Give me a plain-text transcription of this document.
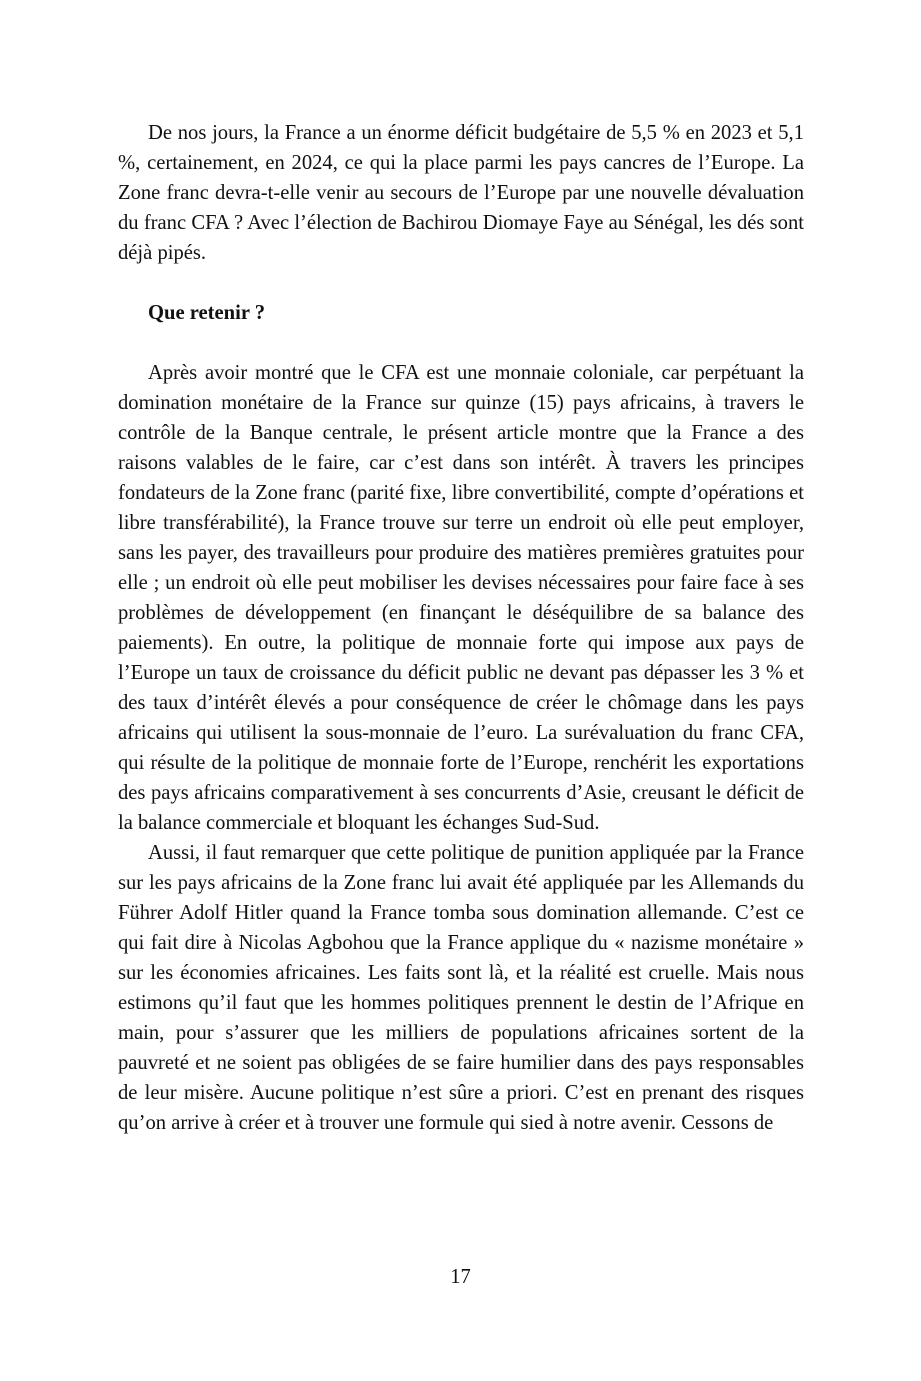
De nos jours, la France a un énorme déficit budgétaire de 5,5 % en 2023 et 5,1 %, certainement, en 2024, ce qui la place parmi les pays cancres de l’Europe. La Zone franc devra-t-elle venir au secours de l’Europe par une nouvelle dévaluation du franc CFA ? Avec l’élection de Bachirou Diomaye Faye au Sénégal, les dés sont déjà pipés.

Que retenir ?

Après avoir montré que le CFA est une monnaie coloniale, car perpétuant la domination monétaire de la France sur quinze (15) pays africains, à travers le contrôle de la Banque centrale, le présent article montre que la France a des raisons valables de le faire, car c’est dans son intérêt. À travers les principes fondateurs de la Zone franc (parité fixe, libre convertibilité, compte d’opérations et libre transférabilité), la France trouve sur terre un endroit où elle peut employer, sans les payer, des travailleurs pour produire des matières premières gratuites pour elle ; un endroit où elle peut mobiliser les devises nécessaires pour faire face à ses problèmes de développement (en finançant le déséquilibre de sa balance des paiements). En outre, la politique de monnaie forte qui impose aux pays de l’Europe un taux de croissance du déficit public ne devant pas dépasser les 3 % et des taux d’intérêt élevés a pour conséquence de créer le chômage dans les pays africains qui utilisent la sous-monnaie de l’euro. La surévaluation du franc CFA, qui résulte de la politique de monnaie forte de l’Europe, renchérit les exportations des pays africains comparativement à ses concurrents d’Asie, creusant le déficit de la balance commerciale et bloquant les échanges Sud-Sud.

Aussi, il faut remarquer que cette politique de punition appliquée par la France sur les pays africains de la Zone franc lui avait été appliquée par les Allemands du Führer Adolf Hitler quand la France tomba sous domination allemande. C’est ce qui fait dire à Nicolas Agbohou que la France applique du « nazisme monétaire » sur les économies africaines. Les faits sont là, et la réalité est cruelle. Mais nous estimons qu’il faut que les hommes politiques prennent le destin de l’Afrique en main, pour s’assurer que les milliers de populations africaines sortent de la pauvreté et ne soient pas obligées de se faire humilier dans des pays responsables de leur misère. Aucune politique n’est sûre a priori. C’est en prenant des risques qu’on arrive à créer et à trouver une formule qui sied à notre avenir. Cessons de

17
